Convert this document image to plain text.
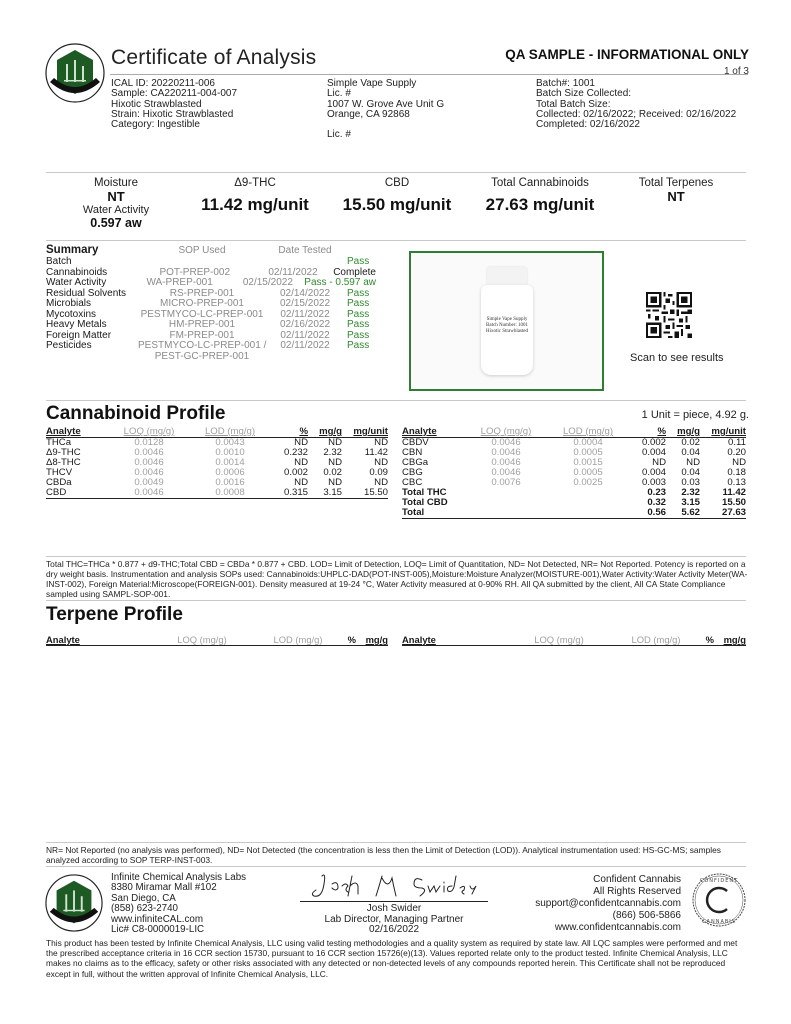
Certificate of Analysis	QA SAMPLE - INFORMATIONAL ONLY
1 of 3
ICAL ID: 20220211-006
Sample: CA220211-004-007
Hixotic Strawblasted
Strain: Hixotic Strawblasted
Category: Ingestible
Simple Vape Supply
Lic. #
1007 W. Grove Ave Unit G
Orange, CA 92868
Lic. #
Batch#: 1001
Batch Size Collected:
Total Batch Size:
Collected: 02/16/2022; Received: 02/16/2022
Completed: 02/16/2022
Moisture
NT
Water Activity
0.597 aw
Δ9-THC
11.42 mg/unit
CBD
15.50 mg/unit
Total Cannabinoids
27.63 mg/unit
Total Terpenes
NT
Summary	SOP Used	Date Tested
Batch	Pass
Cannabinoids	POT-PREP-002	02/11/2022	Complete
Water Activity	WA-PREP-001	02/15/2022	Pass - 0.597 aw
Residual Solvents	RS-PREP-001	02/14/2022	Pass
Microbials	MICRO-PREP-001	02/15/2022	Pass
Mycotoxins	PESTMYCO-LC-PREP-001	02/11/2022	Pass
Heavy Metals	HM-PREP-001	02/16/2022	Pass
Foreign Matter	FM-PREP-001	02/11/2022	Pass
Pesticides	PESTMYCO-LC-PREP-001 /	02/11/2022	Pass
PEST-GC-PREP-001
Simple Vape Supply
Batch Number: 1001
Hixotic Strawblasted
Scan to see results
Cannabinoid Profile	1 Unit = piece, 4.92 g.
Analyte	LOQ (mg/g)	LOD (mg/g)	%	mg/g	mg/unit
THCa	0.0128	0.0043	ND	ND	ND
Δ9-THC	0.0046	0.0010	0.232	2.32	11.42
Δ8-THC	0.0046	0.0014	ND	ND	ND
THCV	0.0046	0.0006	0.002	0.02	0.09
CBDa	0.0049	0.0016	ND	ND	ND
CBD	0.0046	0.0008	0.315	3.15	15.50
Analyte	LOQ (mg/g)	LOD (mg/g)	%	mg/g	mg/unit
CBDV	0.0046	0.0004	0.002	0.02	0.11
CBN	0.0046	0.0005	0.004	0.04	0.20
CBGa	0.0046	0.0015	ND	ND	ND
CBG	0.0046	0.0005	0.004	0.04	0.18
CBC	0.0076	0.0025	0.003	0.03	0.13
Total THC			0.23	2.32	11.42
Total CBD			0.32	3.15	15.50
Total			0.56	5.62	27.63
Total THC=THCa * 0.877 + d9-THC;Total CBD = CBDa * 0.877 + CBD. LOD= Limit of Detection, LOQ= Limit of Quantitation, ND= Not Detected, NR= Not Reported. Potency is reported on a dry weight basis. Instrumentation and analysis SOPs used: Cannabinoids:UHPLC-DAD(POT-INST-005),Moisture:Moisture Analyzer(MOISTURE-001),Water Activity:Water Activity Meter(WA-INST-002), Foreign Material:Microscope(FOREIGN-001). Density measured at 19-24 °C, Water Activity measured at 0-90% RH. All QA submitted by the client, All CA State Compliance sampled using SAMPL-SOP-001.
Terpene Profile
Analyte	LOQ (mg/g)	LOD (mg/g)	%	mg/g Analyte	LOQ (mg/g)	LOD (mg/g)	%	mg/g
NR= Not Reported (no analysis was performed), ND= Not Detected (the concentration is less then the Limit of Detection (LOD)). Analytical instrumentation used: HS-GC-MS; samples analyzed according to SOP TERP-INST-003.
Infinite Chemical Analysis Labs
8380 Miramar Mall #102
San Diego, CA
(858) 623-2740
www.infiniteCAL.com
Lic# C8-0000019-LIC
Josh Swider
Lab Director, Managing Partner
02/16/2022
Confident Cannabis
All Rights Reserved
support@confidentcannabis.com
(866) 506-5866
www.confidentcannabis.com
CONFIDENT
CANNABIS
This product has been tested by Infinite Chemical Analysis, LLC using valid testing methodologies and a quality system as required by state law. All LQC samples were performed and met the prescribed acceptance criteria in 16 CCR section 15730, pursuant to 16 CCR section 15726(e)(13). Values reported relate only to the product tested. Infinite Chemical Analysis, LLC makes no claims as to the efficacy, safety or other risks associated with any detected or non-detected levels of any compounds reported herein. This Certificate shall not be reproduced except in full, without the written approval of Infinite Chemical Analysis, LLC.
